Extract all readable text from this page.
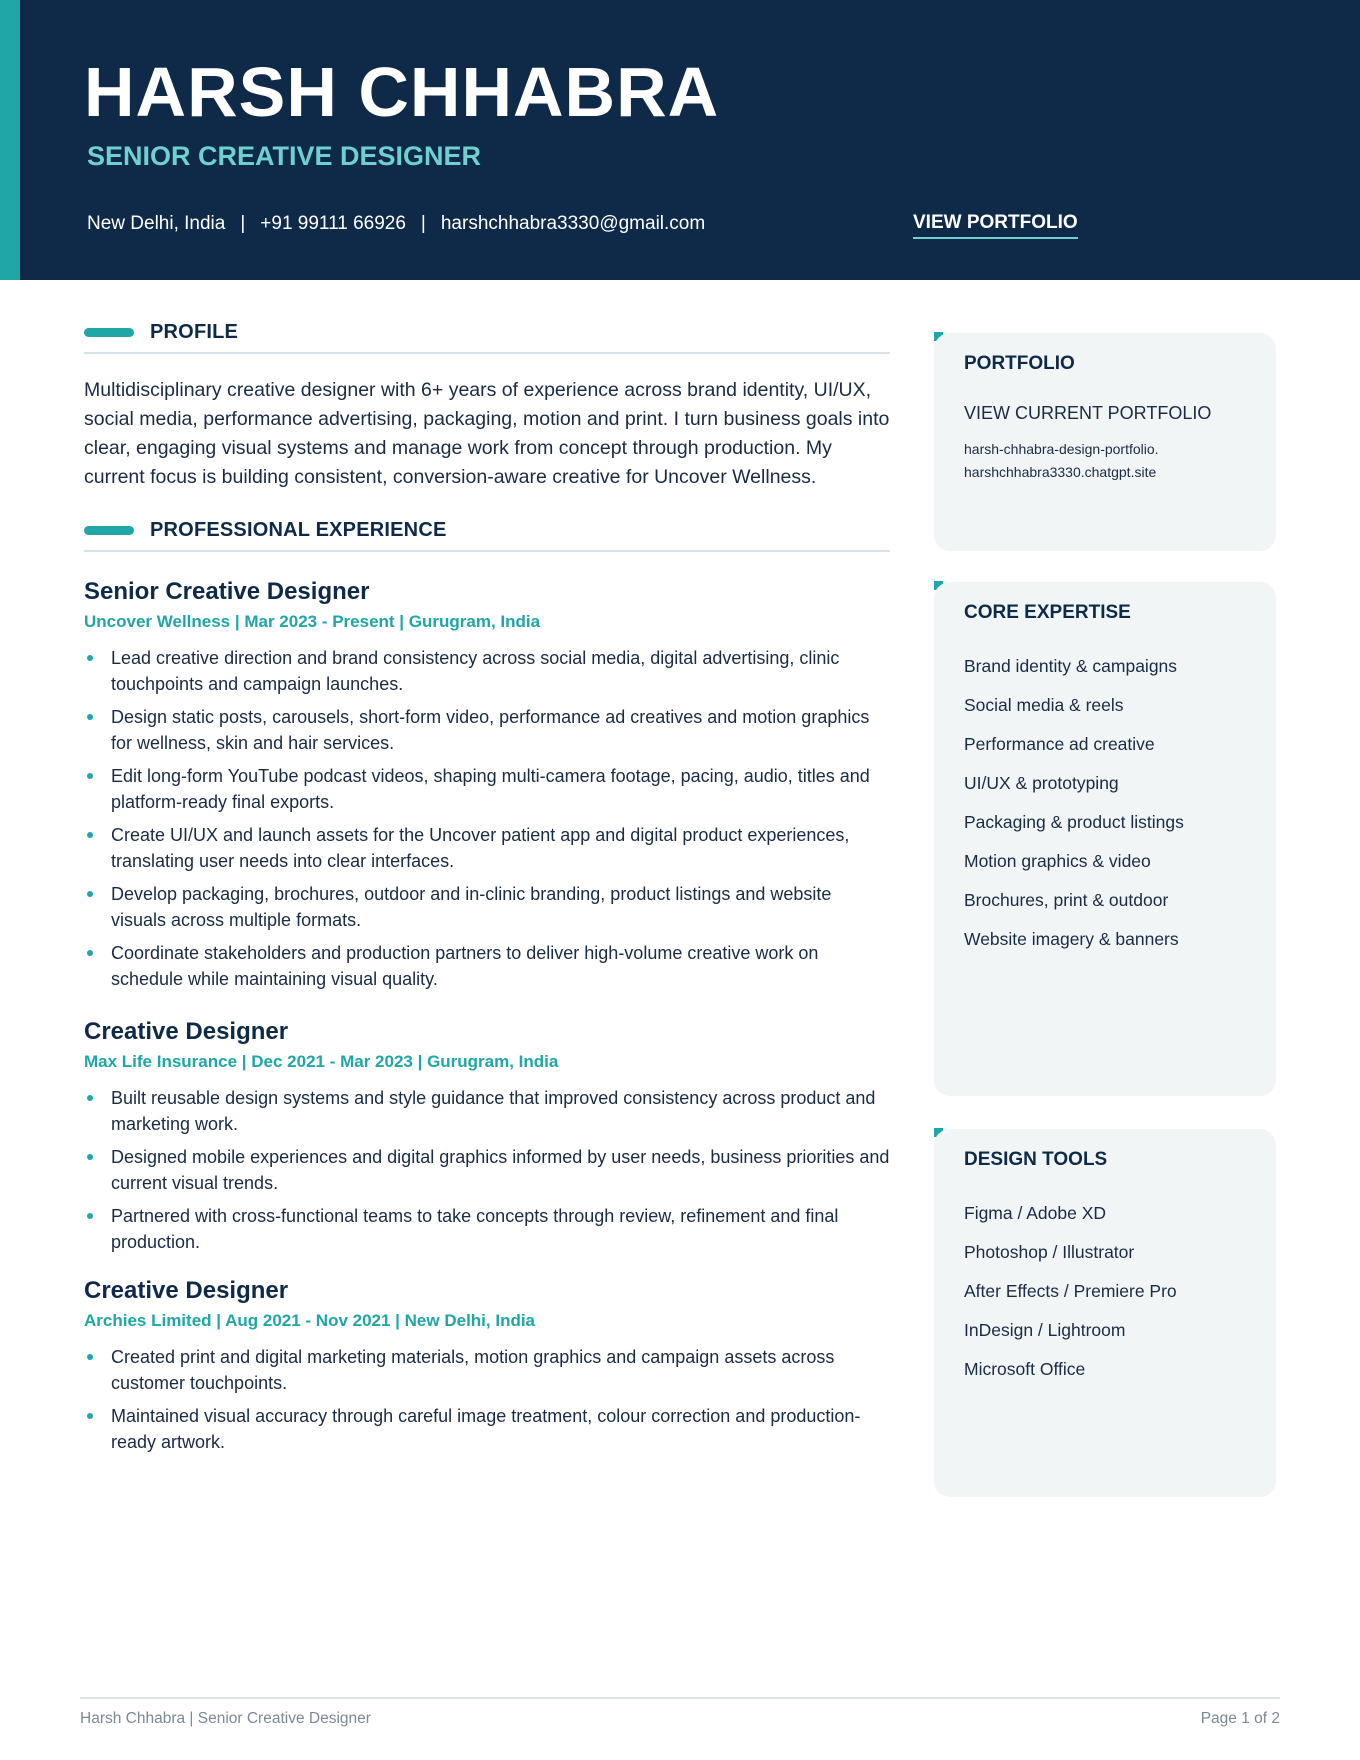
HARSH CHHABRA
SENIOR CREATIVE DESIGNER
New Delhi, India | +91 99111 66926 | harshchhabra3330@gmail.com	VIEW PORTFOLIO
PROFILE

Multidisciplinary creative designer with 6+ years of experience across brand identity, UI/UX, social media, performance advertising, packaging, motion and print. I turn business goals into clear, engaging visual systems and manage work from concept through production. My current focus is building consistent, conversion-aware creative for Uncover Wellness.

PROFESSIONAL EXPERIENCE
Senior Creative Designer
Uncover Wellness | Mar 2023 - Present | Gurugram, India
Lead creative direction and brand consistency across social media, digital advertising, clinic touchpoints and campaign launches.
Design static posts, carousels, short-form video, performance ad creatives and motion graphics for wellness, skin and hair services.
Edit long-form YouTube podcast videos, shaping multi-camera footage, pacing, audio, titles and platform-ready final exports.
Create UI/UX and launch assets for the Uncover patient app and digital product experiences, translating user needs into clear interfaces.
Develop packaging, brochures, outdoor and in-clinic branding, product listings and website visuals across multiple formats.
Coordinate stakeholders and production partners to deliver high-volume creative work on schedule while maintaining visual quality.
Creative Designer
Max Life Insurance | Dec 2021 - Mar 2023 | Gurugram, India
Built reusable design systems and style guidance that improved consistency across product and marketing work.
Designed mobile experiences and digital graphics informed by user needs, business priorities and current visual trends.
Partnered with cross-functional teams to take concepts through review, refinement and final production.
Creative Designer
Archies Limited | Aug 2021 - Nov 2021 | New Delhi, India
Created print and digital marketing materials, motion graphics and campaign assets across customer touchpoints.
Maintained visual accuracy through careful image treatment, colour correction and production-ready artwork.
PORTFOLIO
VIEW CURRENT PORTFOLIO
harsh-chhabra-design-portfolio.
harshchhabra3330.chatgpt.site
CORE EXPERTISE
Brand identity & campaigns
Social media & reels
Performance ad creative
UI/UX & prototyping
Packaging & product listings
Motion graphics & video
Brochures, print & outdoor
Website imagery & banners
DESIGN TOOLS
Figma / Adobe XD
Photoshop / Illustrator
After Effects / Premiere Pro
InDesign / Lightroom
Microsoft Office
Harsh Chhabra | Senior Creative Designer	Page 1 of 2
